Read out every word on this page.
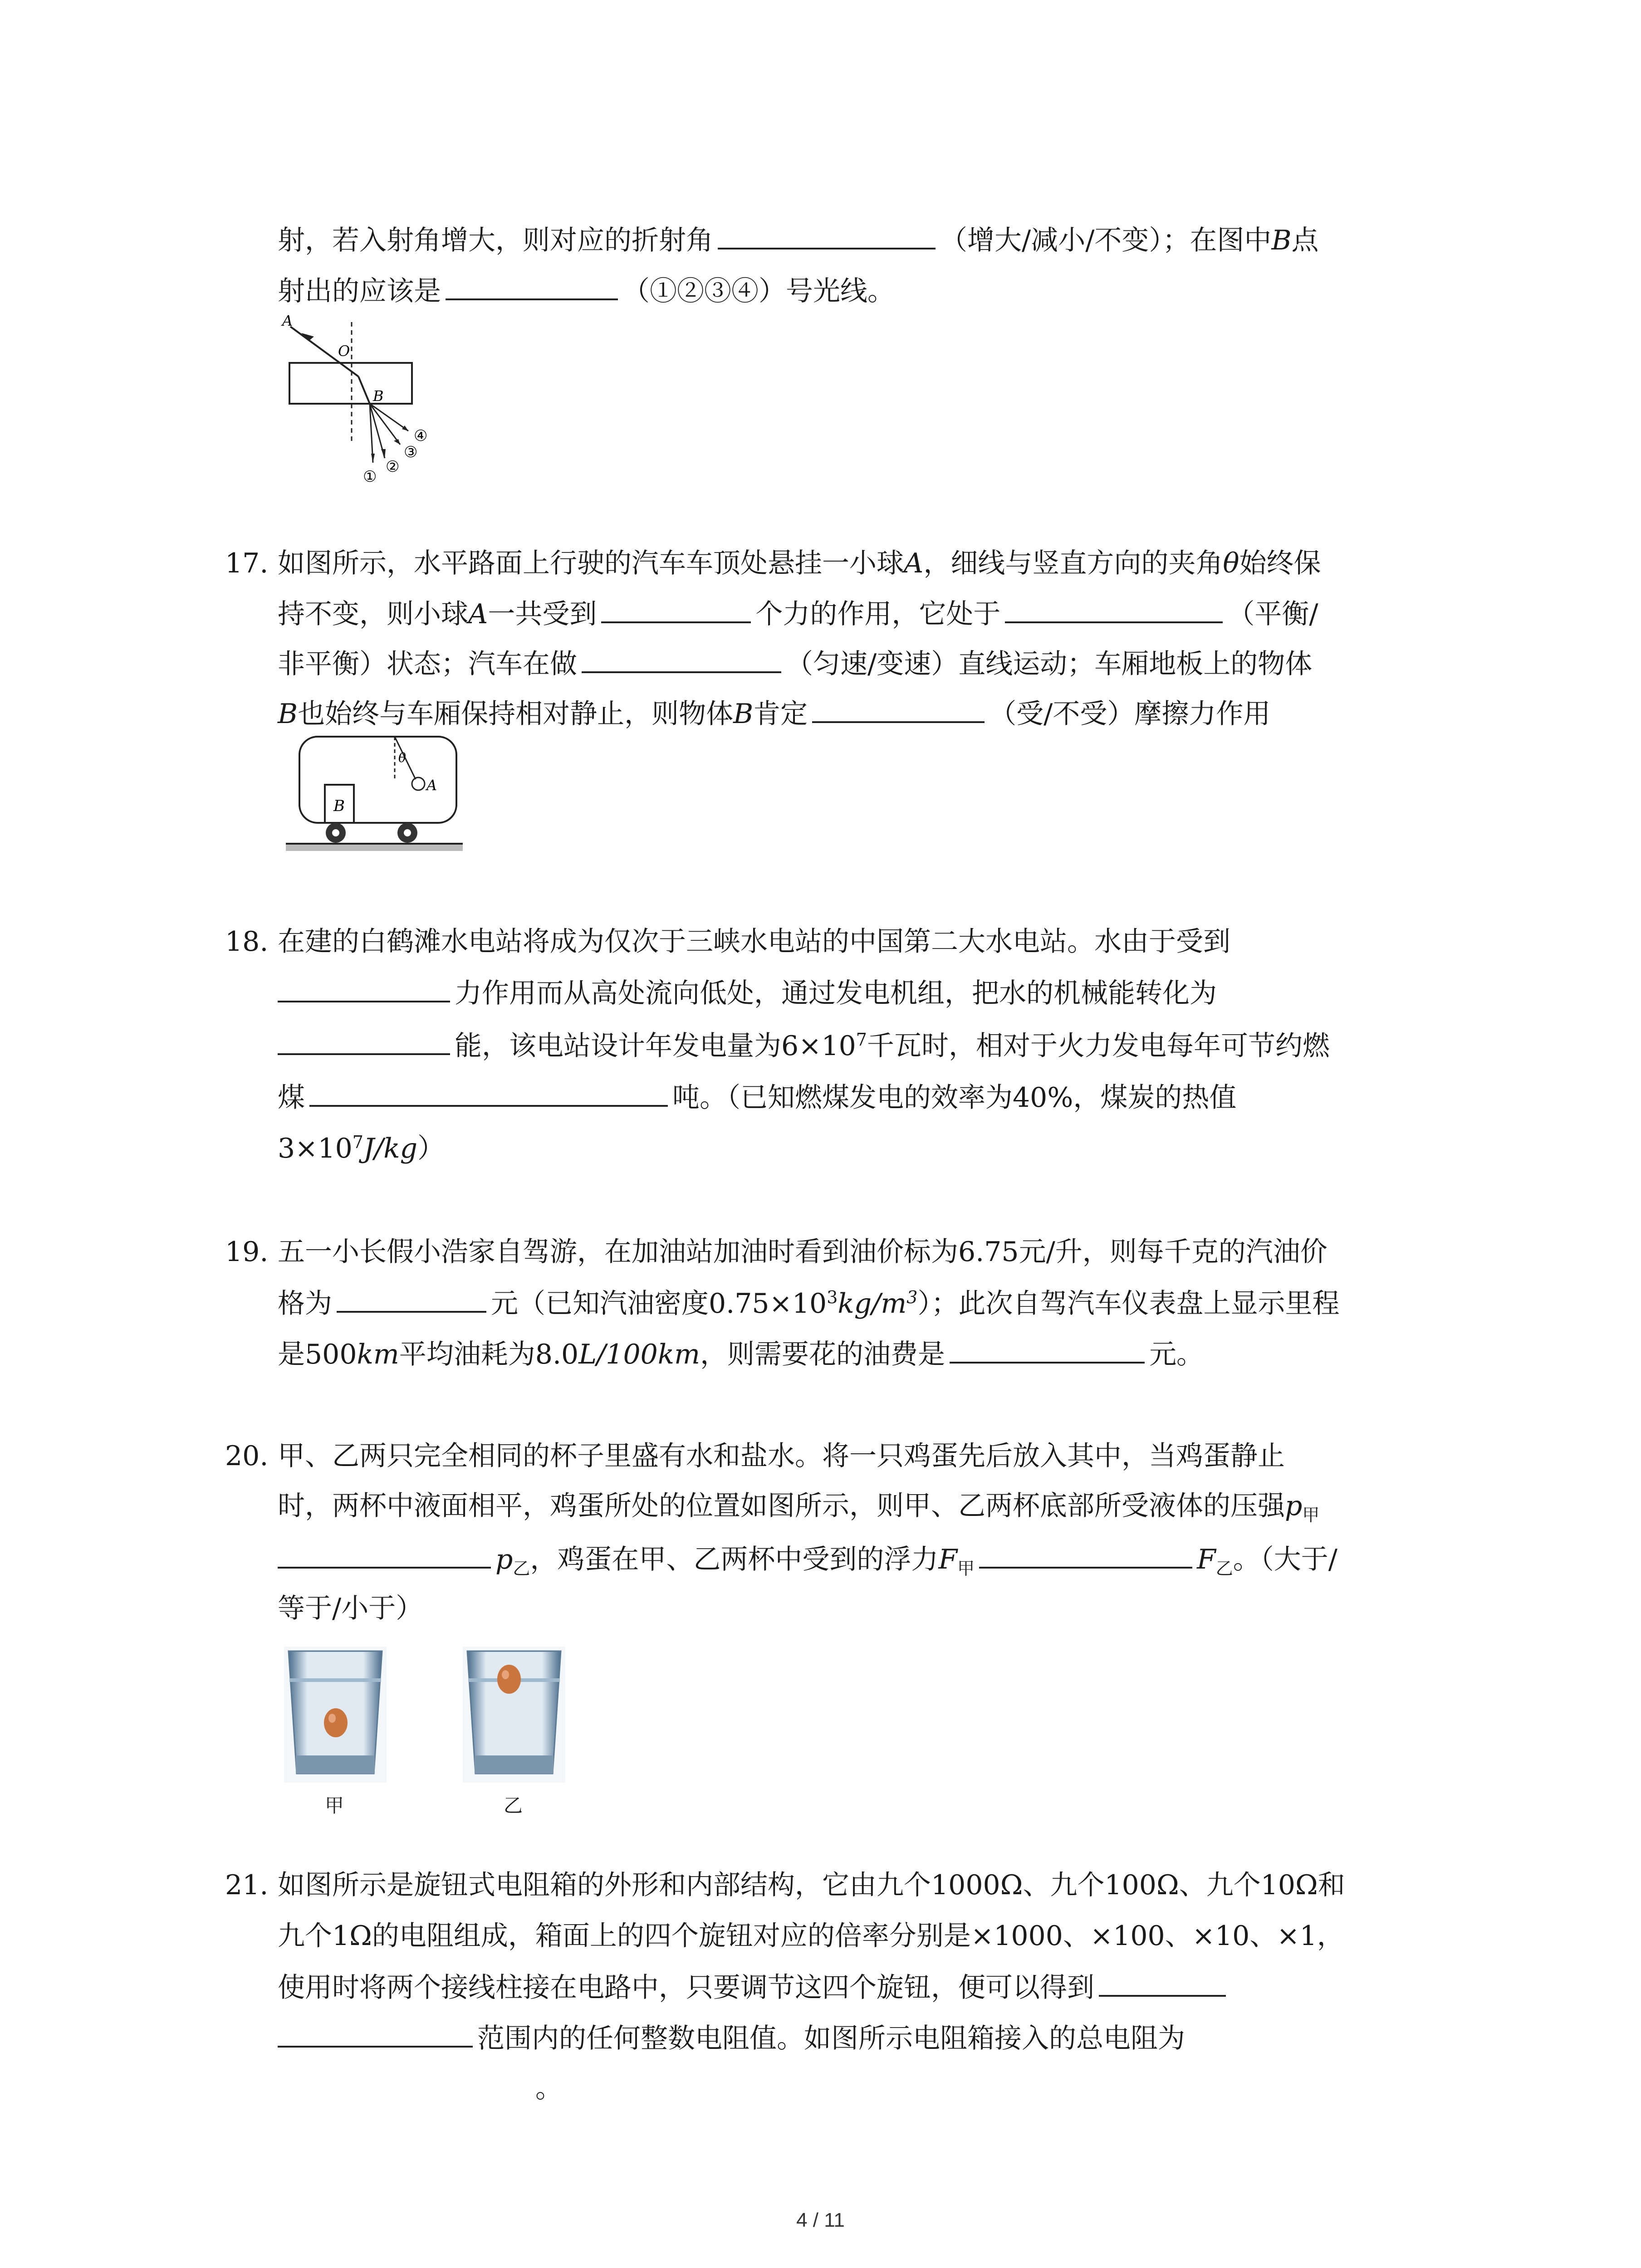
射，若入射角增大，则对应的折射角	（增大/减小/不变）；在图中B点
射出的应该是	（①②③④）号光线。
A
O
B
①
②
③
④
17. 如图所示，水平路面上行驶的汽车车顶处悬挂一小球A，细线与竖直方向的夹角θ始终保
持不变，则小球A一共受到	个力的作用，它处于	（平衡/
非平衡）状态；汽车在做	（匀速/变速）直线运动；车厢地板上的物体
B也始终与车厢保持相对静止，则物体B肯定	（受/不受）摩擦力作用
B
θ
A
18. 在建的白鹤滩水电站将成为仅次于三峡水电站的中国第二大水电站。水由于受到
力作用而从高处流向低处，通过发电机组，把水的机械能转化为
能，该电站设计年发电量为$6\times 10^7$千瓦时，相对于火力发电每年可节约燃
煤	吨。（已知燃煤发电的效率为40%，煤炭的热值
$3\times 10^7J/kg$）
19. 五一小长假小浩家自驾游，在加油站加油时看到油价标为6.75元/升，则每千克的汽油价
格为	元（已知汽油密度$0.75\times 10^3kg/m^3$）；此次自驾汽车仪表盘上显示里程
是500km平均油耗为8.0L/100km，则需要花的油费是	元。
20. 甲、乙两只完全相同的杯子里盛有水和盐水。将一只鸡蛋先后放入其中，当鸡蛋静止
时，两杯中液面相平，鸡蛋所处的位置如图所示，则甲、乙两杯底部所受液体的压强$p_甲$
$p_乙$，鸡蛋在甲、乙两杯中受到的浮力$F_甲$	$F_乙$。（大于/
等于/小于）
甲	乙
21. 如图所示是旋钮式电阻箱的外形和内部结构，它由九个1000Ω、九个100Ω、九个10Ω和
九个1Ω的电阻组成，箱面上的四个旋钮对应的倍率分别是×1000、×100、×10、×1，
使用时将两个接线柱接在电路中，只要调节这四个旋钮，便可以得到
范围内的任何整数电阻值。如图所示电阻箱接入的总电阻为
。
4 / 11
